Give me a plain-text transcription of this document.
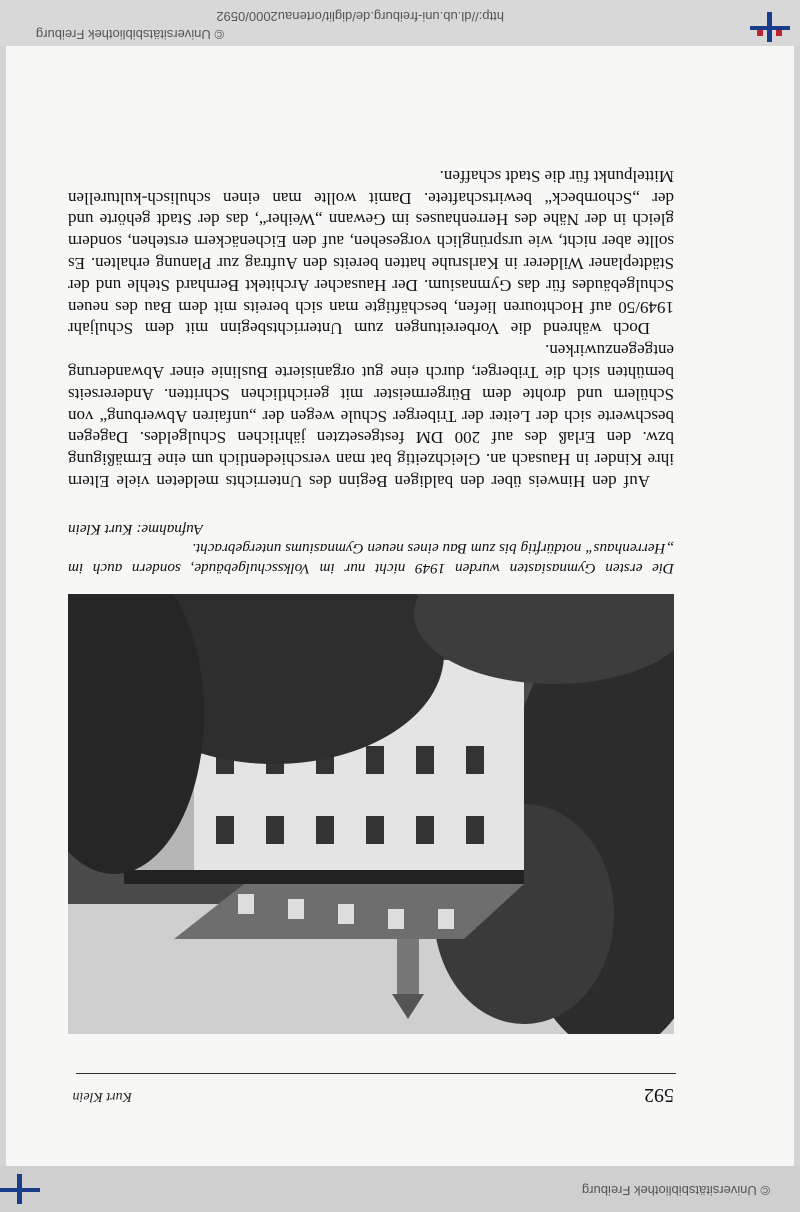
© Universitätsbibliothek Freiburg
592
Kurt Klein
Die ersten Gymnasiasten wurden 1949 nicht nur im Volksschulgebäude, sondern auch im „Herrenhaus“ notdürftig bis zum Bau eines neuen Gymnasiums untergebracht.
Aufnahme: Kurt Klein

Auf den Hinweis über den baldigen Beginn des Unterrichts meldeten viele Eltern ihre Kinder in Hausach an. Gleichzeitig bat man verschiedentlich um eine Ermäßigung bzw. den Erlaß des auf 200 DM festgesetzten jährlichen Schulgeldes. Dagegen beschwerte sich der Leiter der Triberger Schule wegen der „unfairen Abwerbung“ von Schülern und drohte dem Bürgermeister mit gerichtlichen Schritten. Andererseits bemühten sich die Triberger, durch eine gut organisierte Buslinie einer Abwanderung entgegenzuwirken.

Doch während die Vorbereitungen zum Unterrichtsbeginn mit dem Schuljahr 1949/50 auf Hochtouren liefen, beschäftigte man sich bereits mit dem Bau des neuen Schulgebäudes für das Gymnasium. Der Hausacher Architekt Bernhard Stehle und der Städteplaner Wilderer in Karlsruhe hatten bereits den Auftrag zur Planung erhalten. Es sollte aber nicht, wie ursprünglich vorgesehen, auf den Eichenäckern erstehen, sondern gleich in der Nähe des Herrenhauses im Gewann „Weiher“, das der Stadt gehörte und der „Schornbeck“ bewirtschaftete. Damit wollte man einen schulisch-kulturellen Mittelpunkt für die Stadt schaffen.

http://dl.ub.uni-freiburg.de/diglit/ortenau2000/0592
© Universitätsbibliothek Freiburg
